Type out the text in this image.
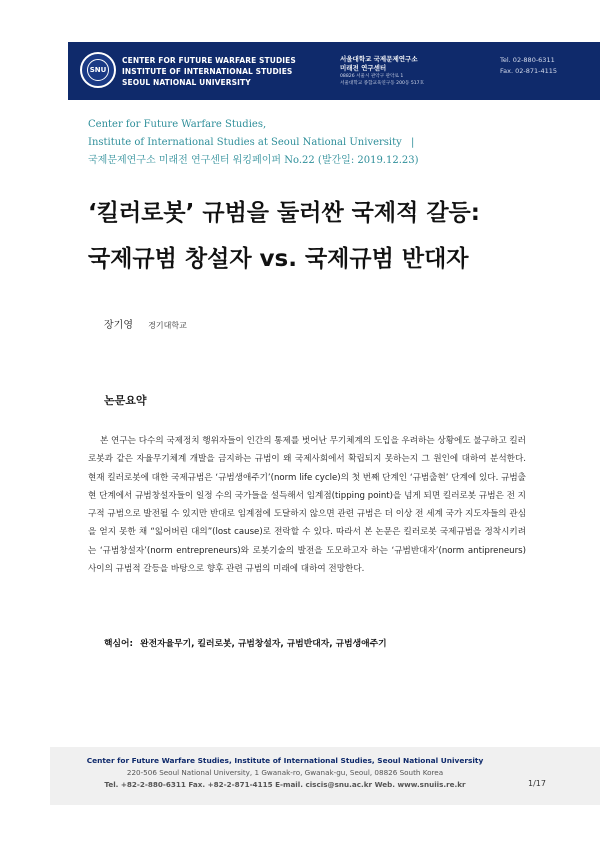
SNU
CENTER FOR FUTURE WARFARE STUDIES
INSTITUTE OF INTERNATIONAL STUDIES
SEOUL NATIONAL UNIVERSITY
서울대학교 국제문제연구소
미래전 연구센터
08826 서울시 관악구 관악로 1
서울대학교 종합교육연구동 200동 517호
Tel. 02-880-6311
Fax. 02-871-4115
Center for Future Warfare Studies,
Institute of International Studies at Seoul National University |
국제문제연구소 미래전 연구센터 워킹페이퍼 No.22 (발간일: 2019.12.23)
‘킬러로봇’ 규범을 둘러싼 국제적 갈등:
국제규범 창설자 vs. 국제규범 반대자
장기영 경기대학교
논문요약
본 연구는 다수의 국제정치 행위자들이 인간의 통제를 벗어난 무기체계의 도입을 우려하는 상황에도 불구하고 킬러로봇과 같은 자율무기체계 개발을 금지하는 규범이 왜 국제사회에서 확립되지 못하는지 그 원인에 대하여 분석한다. 현재 킬러로봇에 대한 국제규범은 ‘규범생애주기’(norm life cycle)의 첫 번째 단계인 ‘규범출현’ 단계에 있다. 규범출현 단계에서 규범창설자들이 일정 수의 국가들을 설득해서 임계점(tipping point)을 넘게 되면 킬러로봇 규범은 전 지구적 규범으로 발전될 수 있지만 반대로 임계점에 도달하지 않으면 관련 규범은 더 이상 전 세계 국가 지도자들의 관심을 얻지 못한 채 “잃어버린 대의”(lost cause)로 전락할 수 있다. 따라서 본 논문은 킬러로봇 국제규범을 정착시키려는 ‘규범창설자’(norm entrepreneurs)와 로봇기술의 발전을 도모하고자 하는 ‘규범반대자’(norm antipreneurs) 사이의 규범적 갈등을 바탕으로 향후 관련 규범의 미래에 대하여 전망한다.
핵심어: 완전자율무기, 킬러로봇, 규범창설자, 규범반대자, 규범생애주기
Center for Future Warfare Studies, Institute of International Studies, Seoul National University
220-506 Seoul National University, 1 Gwanak-ro, Gwanak-gu, Seoul, 08826 South Korea
Tel. +82-2-880-6311 Fax. +82-2-871-4115 E-mail. ciscis@snu.ac.kr Web. www.snuiis.re.kr	1/17
